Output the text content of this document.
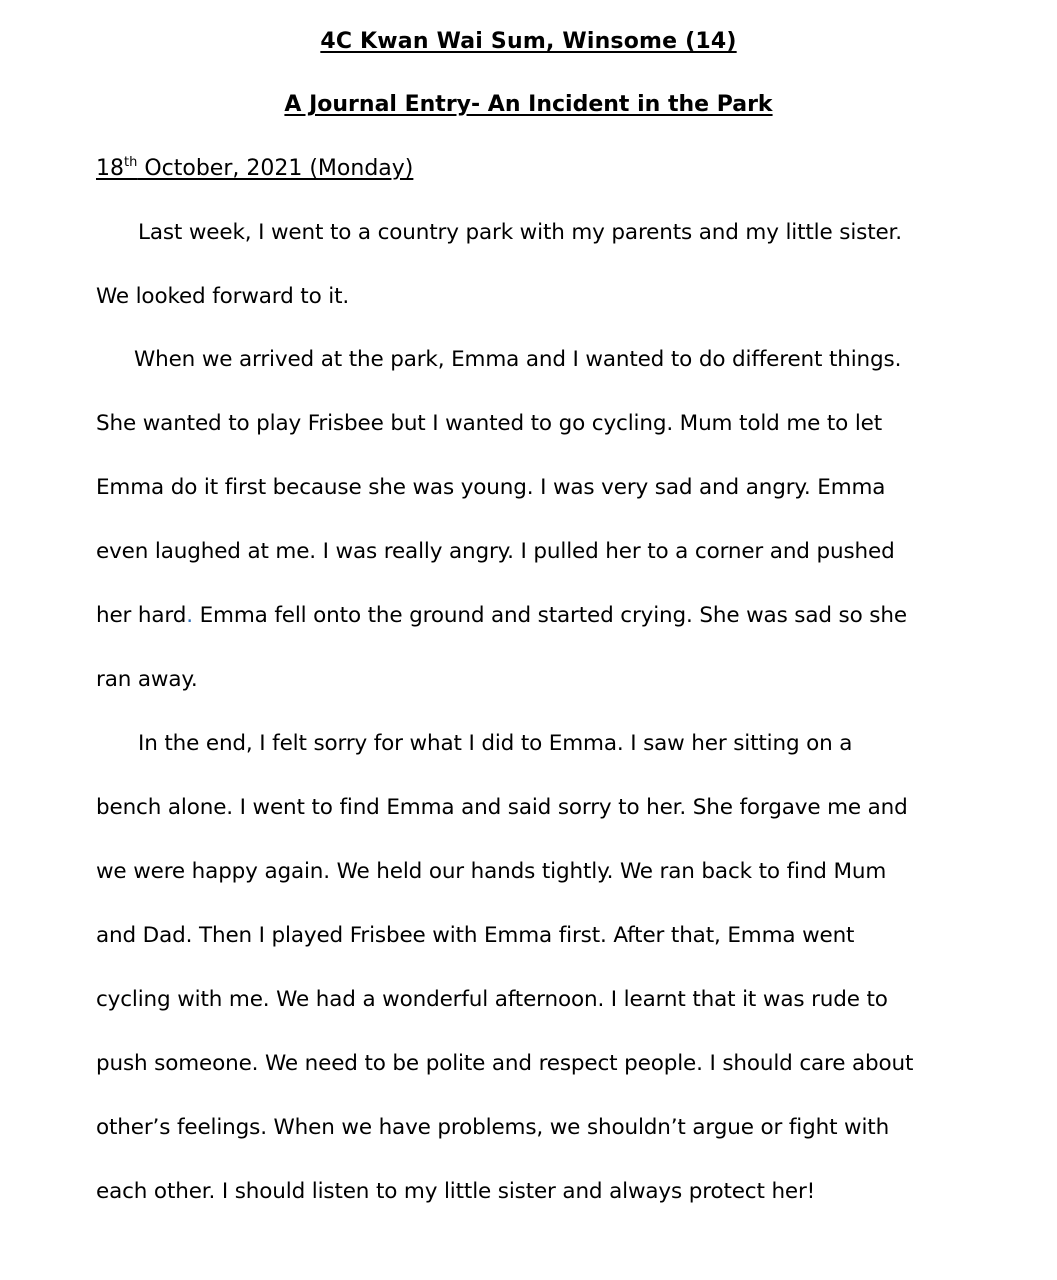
4C Kwan Wai Sum, Winsome (14)
A Journal Entry- An Incident in the Park
18th October, 2021 (Monday)
Last week, I went to a country park with my parents and my little sister.
We looked forward to it.
When we arrived at the park, Emma and I wanted to do different things.
She wanted to play Frisbee but I wanted to go cycling. Mum told me to let
Emma do it first because she was young. I was very sad and angry. Emma
even laughed at me. I was really angry. I pulled her to a corner and pushed
her hard. Emma fell onto the ground and started crying. She was sad so she
ran away.
In the end, I felt sorry for what I did to Emma. I saw her sitting on a
bench alone. I went to find Emma and said sorry to her. She forgave me and
we were happy again. We held our hands tightly. We ran back to find Mum
and Dad. Then I played Frisbee with Emma first. After that, Emma went
cycling with me. We had a wonderful afternoon. I learnt that it was rude to
push someone. We need to be polite and respect people. I should care about
other’s feelings. When we have problems, we shouldn’t argue or fight with
each other. I should listen to my little sister and always protect her!
